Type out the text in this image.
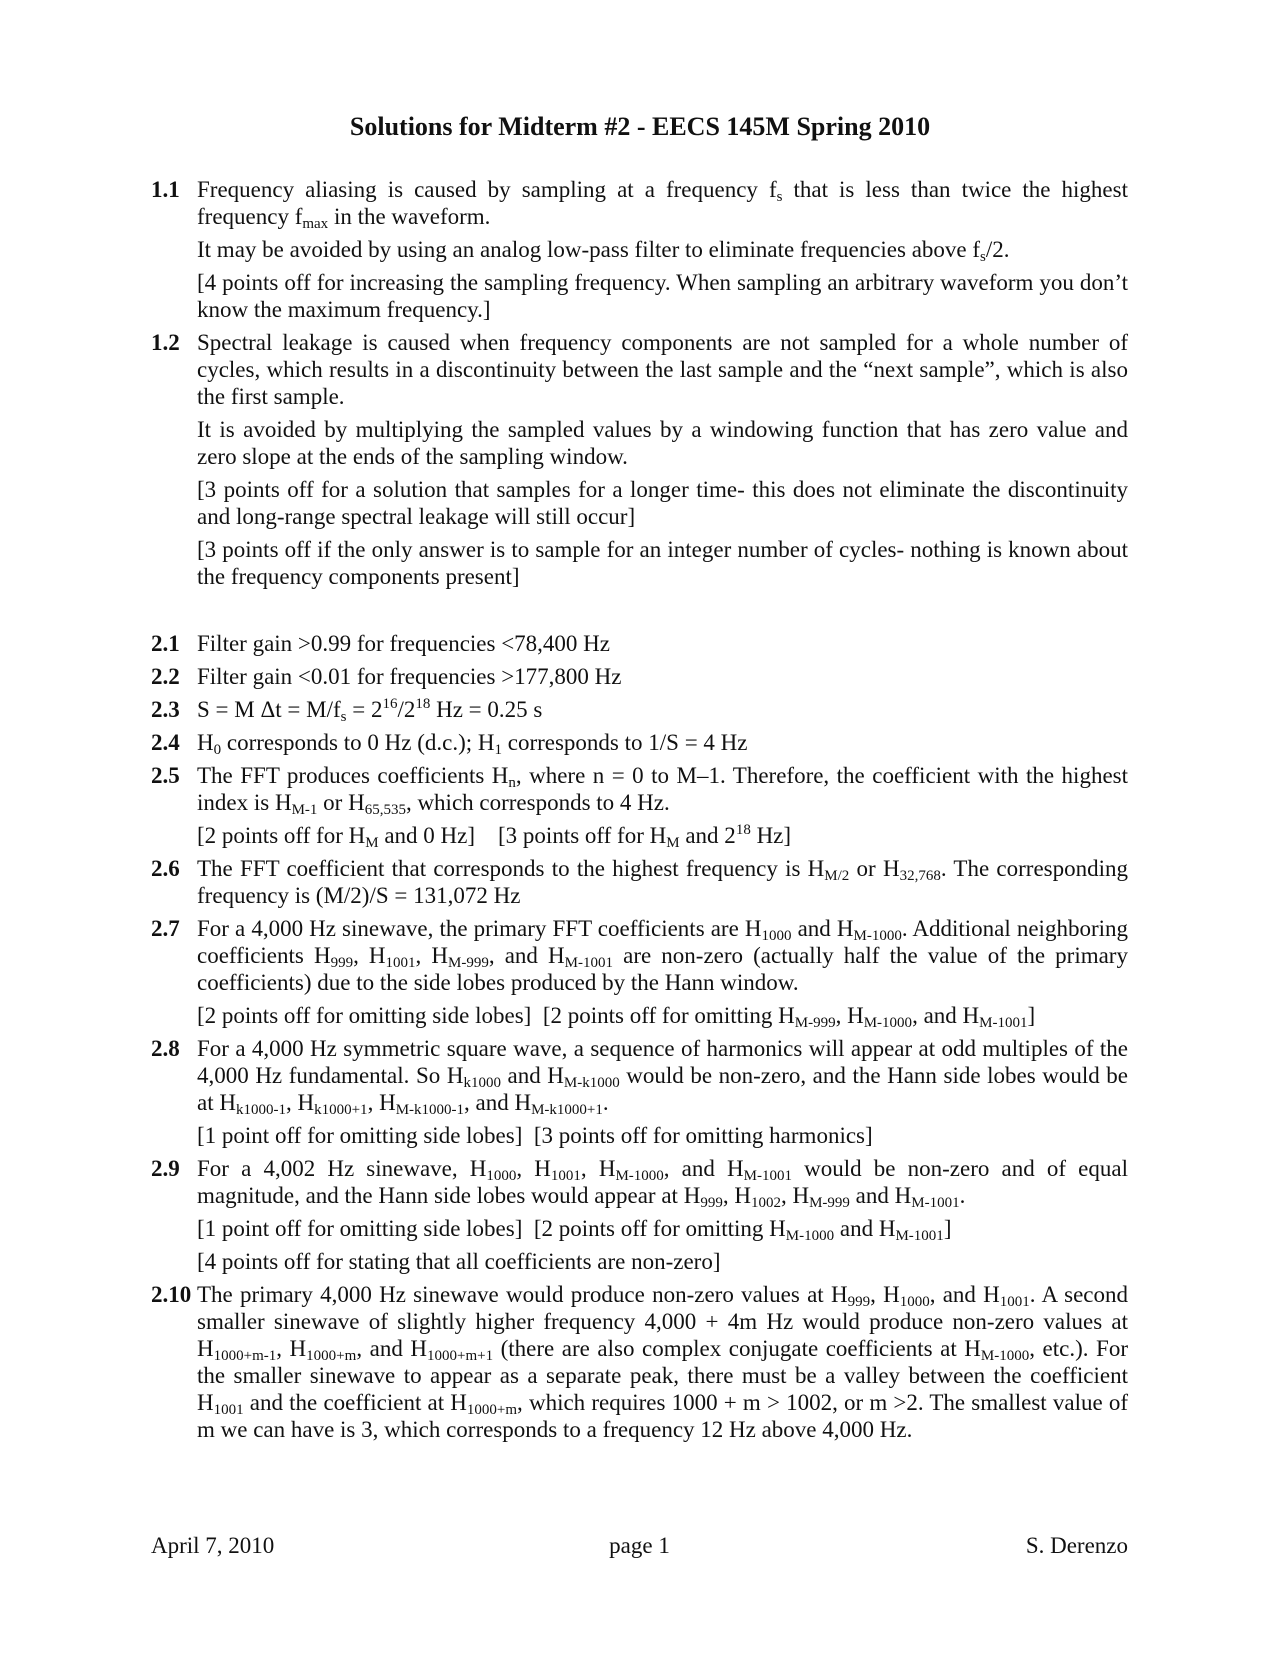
Solutions for Midterm #2 - EECS 145M Spring 2010
1.1 Frequency aliasing is caused by sampling at a frequency $f_s$ that is less than twice the highest frequency $f_{max}$ in the waveform.

It may be avoided by using an analog low-pass filter to eliminate frequencies above $f_s/2$.

[4 points off for increasing the sampling frequency. When sampling an arbitrary waveform you don’t know the maximum frequency.]

1.2 Spectral leakage is caused when frequency components are not sampled for a whole number of cycles, which results in a discontinuity between the last sample and the “next sample”, which is also the first sample.

It is avoided by multiplying the sampled values by a windowing function that has zero value and zero slope at the ends of the sampling window.

[3 points off for a solution that samples for a longer time- this does not eliminate the discontinuity and long-range spectral leakage will still occur]

[3 points off if the only answer is to sample for an integer number of cycles- nothing is known about the frequency components present]

2.1 Filter gain >0.99 for frequencies <78,400 Hz

2.2 Filter gain <0.01 for frequencies >177,800 Hz

2.3 S = M $\Delta t = M/f_s = 2^{16}/2^{18}$ Hz = 0.25 s

2.4 $H_0$ corresponds to 0 Hz (d.c.); $H_1$ corresponds to 1/S = 4 Hz

2.5 The FFT produces coefficients $H_n$, where n = 0 to M–1. Therefore, the coefficient with the highest index is $H_{M-1}$ or $H_{65,535}$, which corresponds to 4 Hz.

[2 points off for $H_M$ and 0 Hz]    [3 points off for $H_M$ and $2^{18}$ Hz]

2.6 The FFT coefficient that corresponds to the highest frequency is $H_{M/2}$ or $H_{32,768}$. The corresponding frequency is (M/2)/S = 131,072 Hz

2.7 For a 4,000 Hz sinewave, the primary FFT coefficients are $H_{1000}$ and $H_{M-1000}$. Additional neighboring coefficients $H_{999}$, $H_{1001}$, $H_{M-999}$, and $H_{M-1001}$ are non-zero (actually half the value of the primary coefficients) due to the side lobes produced by the Hann window.

[2 points off for omitting side lobes]  [2 points off for omitting $H_{M-999}$, $H_{M-1000}$, and $H_{M-1001}$]

2.8 For a 4,000 Hz symmetric square wave, a sequence of harmonics will appear at odd multiples of the 4,000 Hz fundamental. So $H_{k1000}$ and $H_{M-k1000}$ would be non-zero, and the Hann side lobes would be at $H_{k1000-1}$, $H_{k1000+1}$, $H_{M-k1000-1}$, and $H_{M-k1000+1}$.

[1 point off for omitting side lobes]  [3 points off for omitting harmonics]

2.9 For a 4,002 Hz sinewave, $H_{1000}$, $H_{1001}$, $H_{M-1000}$, and $H_{M-1001}$ would be non-zero and of equal magnitude, and the Hann side lobes would appear at $H_{999}$, $H_{1002}$, $H_{M-999}$ and $H_{M-1001}$.

[1 point off for omitting side lobes]  [2 points off for omitting $H_{M-1000}$ and $H_{M-1001}$]

[4 points off for stating that all coefficients are non-zero]

2.10 The primary 4,000 Hz sinewave would produce non-zero values at $H_{999}$, $H_{1000}$, and $H_{1001}$. A second smaller sinewave of slightly higher frequency 4,000 + 4m Hz would produce non-zero values at $H_{1000+m-1}$, $H_{1000+m}$, and $H_{1000+m+1}$ (there are also complex conjugate coefficients at $H_{M-1000}$, etc.). For the smaller sinewave to appear as a separate peak, there must be a valley between the coefficient $H_{1001}$ and the coefficient at $H_{1000+m}$, which requires 1000 + m > 1002, or m >2. The smallest value of m we can have is 3, which corresponds to a frequency 12 Hz above 4,000 Hz.

April 7, 2010	page 1	S. Derenzo
